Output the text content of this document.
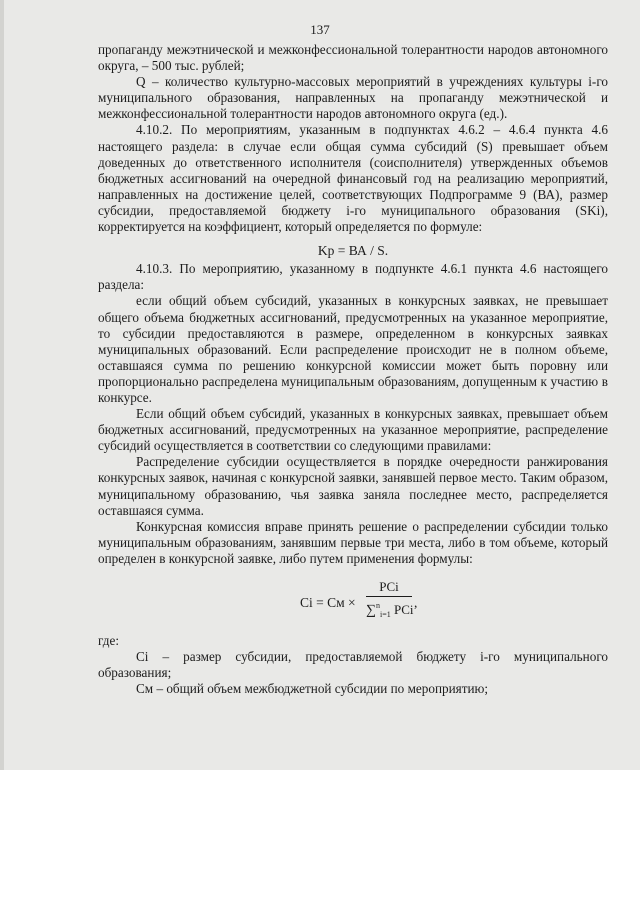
137

пропаганду межэтнической и межконфессиональной толерантности народов автономного округа, – 500 тыс. рублей;

Q – количество культурно-массовых мероприятий в учреждениях культуры i-го муниципального образования, направленных на пропаганду межэтнической и межконфессиональной толерантности народов автономного округа (ед.).

4.10.2. По мероприятиям, указанным в подпунктах 4.6.2 – 4.6.4 пункта 4.6 настоящего раздела: в случае если общая сумма субсидий (S) превышает объем доведенных до ответственного исполнителя (соисполнителя) утвержденных объемов бюджетных ассигнований на очередной финансовый год на реализацию мероприятий, направленных на достижение целей, соответствующих Подпрограмме 9 (ВА), размер субсидии, предоставляемой бюджету i-го муниципального образования (SKi), корректируется на коэффициент, который определяется по формуле:

Kр = ВА / S.

4.10.3. По мероприятию, указанному в подпункте 4.6.1 пункта 4.6 настоящего раздела:

если общий объем субсидий, указанных в конкурсных заявках, не превышает общего объема бюджетных ассигнований, предусмотренных на указанное мероприятие, то субсидии предоставляются в размере, определенном в конкурсных заявках муниципальных образований. Если распределение происходит не в полном объеме, оставшаяся сумма по решению конкурсной комиссии может быть поровну или пропорционально распределена муниципальным образованиям, допущенным к участию в конкурсе.

Если общий объем субсидий, указанных в конкурсных заявках, превышает объем бюджетных ассигнований, предусмотренных на указанное мероприятие, распределение субсидий осуществляется в соответствии со следующими правилами:

Распределение субсидии осуществляется в порядке очередности ранжирования конкурсных заявок, начиная с конкурсной заявки, занявшей первое место. Таким образом, муниципальному образованию, чья заявка заняла последнее место, распределяется оставшаяся сумма.

Конкурсная комиссия вправе принять решение о распределении субсидии только муниципальным образованиям, занявшим первые три места, либо в том объеме, который определен в конкурсной заявке, либо путем применения формулы:

Ci = Cм ×
PCi
∑$^n_{i=1}$ PCi ,

где:

Ci – размер субсидии, предоставляемой бюджету i-го муниципального образования;

Cм – общий объем межбюджетной субсидии по мероприятию;
